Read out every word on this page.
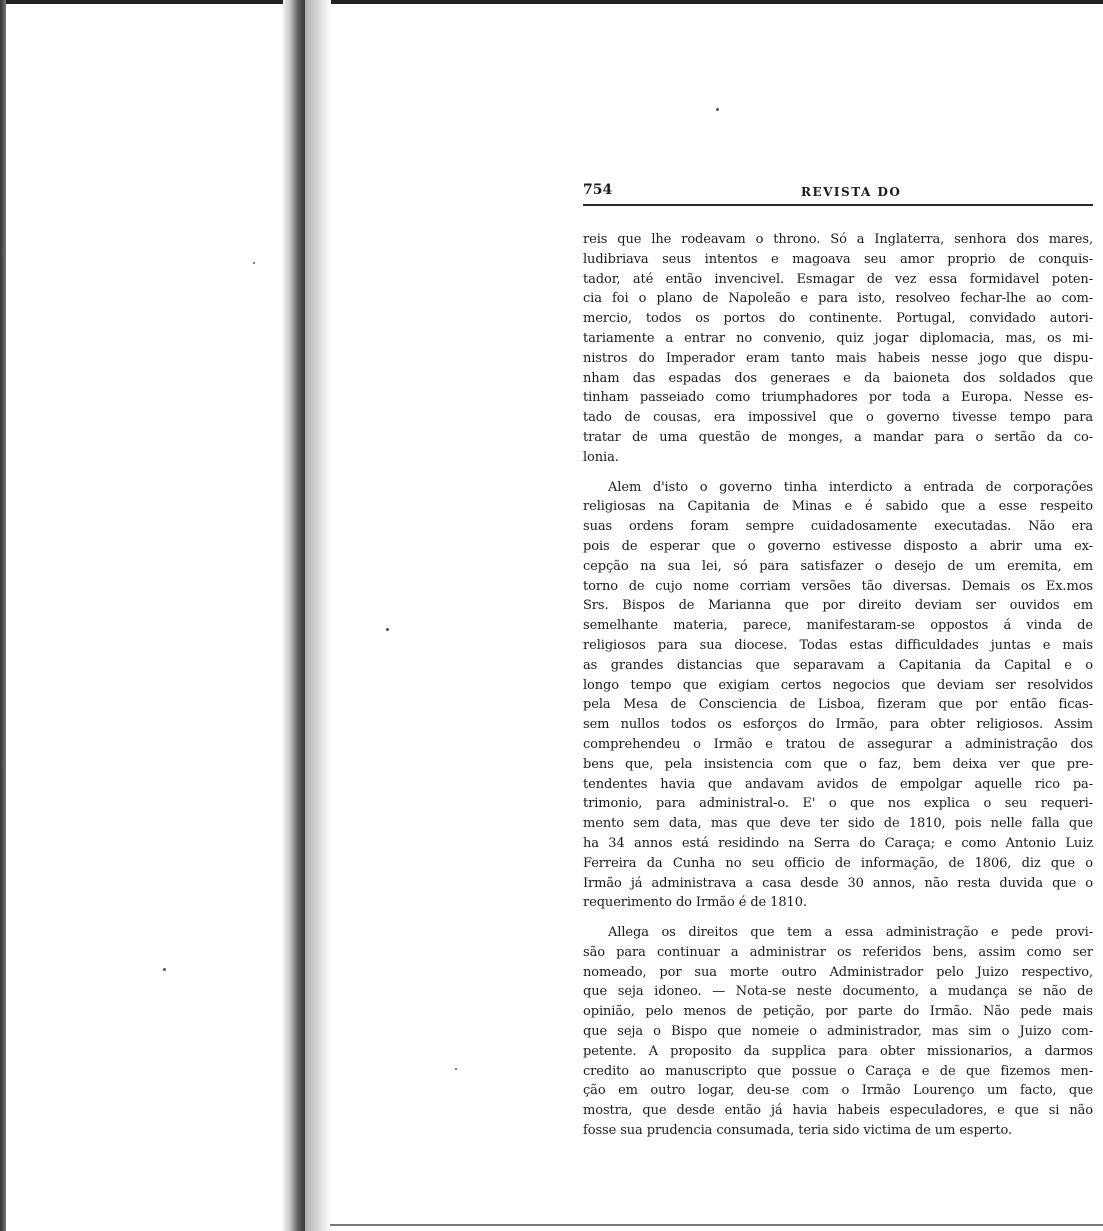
754	REVISTA DO
reis que lhe rodeavam o throno. Só a Inglaterra, senhora dos mares,
ludibriava seus intentos e magoava seu amor proprio de conquis-
tador, até então invencivel. Esmagar de vez essa formidavel poten-
cia foi o plano de Napoleão e para isto, resolveo fechar-lhe ao com-
mercio, todos os portos do continente. Portugal, convidado autori-
tariamente a entrar no convenio, quiz jogar diplomacia, mas, os mi-
nistros do Imperador eram tanto mais habeis nesse jogo que dispu-
nham das espadas dos generaes e da baioneta dos soldados que
tinham passeiado como triumphadores por toda a Europa. Nesse es-
tado de cousas, era impossivel que o governo tivesse tempo para
tratar de uma questão de monges, a mandar para o sertão da co-
lonia.
Alem d'isto o governo tinha interdicto a entrada de corporações
religiosas na Capitania de Minas e é sabido que a esse respeito
suas ordens foram sempre cuidadosamente executadas. Não era
pois de esperar que o governo estivesse disposto a abrir uma ex-
cepção na sua lei, só para satisfazer o desejo de um eremita, em
torno de cujo nome corriam versões tão diversas. Demais os Ex.mos
Srs. Bispos de Marianna que por direito deviam ser ouvidos em
semelhante materia, parece, manifestaram-se oppostos á vinda de
religiosos para sua diocese. Todas estas difficuldades juntas e mais
as grandes distancias que separavam a Capitania da Capital e o
longo tempo que exigiam certos negocios que deviam ser resolvidos
pela Mesa de Consciencia de Lisboa, fizeram que por então ficas-
sem nullos todos os esforços do Irmão, para obter religiosos. Assim
comprehendeu o Irmão e tratou de assegurar a administração dos
bens que, pela insistencia com que o faz, bem deixa ver que pre-
tendentes havia que andavam avidos de empolgar aquelle rico pa-
trimonio, para administral-o. E' o que nos explica o seu requeri-
mento sem data, mas que deve ter sido de 1810, pois nelle falla que
ha 34 annos está residindo na Serra do Caraça; e como Antonio Luiz
Ferreira da Cunha no seu officio de informação, de 1806, diz que o
Irmão já administrava a casa desde 30 annos, não resta duvida que o
requerimento do Irmão é de 1810.
Allega os direitos que tem a essa administração e pede provi-
são para continuar a administrar os referidos bens, assim como ser
nomeado, por sua morte outro Administrador pelo Juizo respectivo,
que seja idoneo. — Nota-se neste documento, a mudança se não de
opinião, pelo menos de petição, por parte do Irmão. Não pede mais
que seja o Bispo que nomeie o administrador, mas sim o Juizo com-
petente. A proposito da supplica para obter missionarios, a darmos
credito ao manuscripto que possue o Caraça e de que fizemos men-
ção em outro logar, deu-se com o Irmão Lourenço um facto, que
mostra, que desde então já havia habeis especuladores, e que si não
fosse sua prudencia consumada, teria sido victima de um esperto.
